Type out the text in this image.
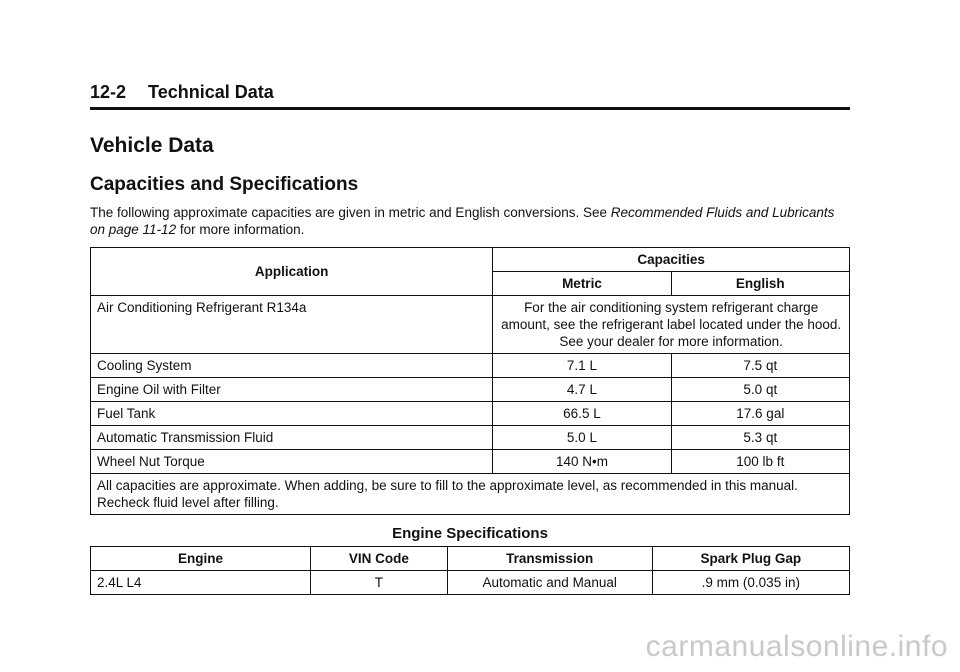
12-2 Technical Data
Vehicle Data
Capacities and Specifications

The following approximate capacities are given in metric and English conversions. See Recommended Fluids and Lubricants on page 11-12 for more information.

Application	Capacities	
	Metric	English
Air Conditioning Refrigerant R134a	For the air conditioning system refrigerant charge amount, see the refrigerant label located under the hood. See your dealer for more information.	
Cooling System	7.1 L	7.5 qt
Engine Oil with Filter	4.7 L	5.0 qt
Fuel Tank	66.5 L	17.6 gal
Automatic Transmission Fluid	5.0 L	5.3 qt
Wheel Nut Torque	140 N•m	100 lb ft
All capacities are approximate. When adding, be sure to fill to the approximate level, as recommended in this manual. Recheck fluid level after filling.		
Engine Specifications
Engine	VIN Code	Transmission	Spark Plug Gap
2.4L L4	T	Automatic and Manual	.9 mm (0.035 in)
carmanualsonline.info
